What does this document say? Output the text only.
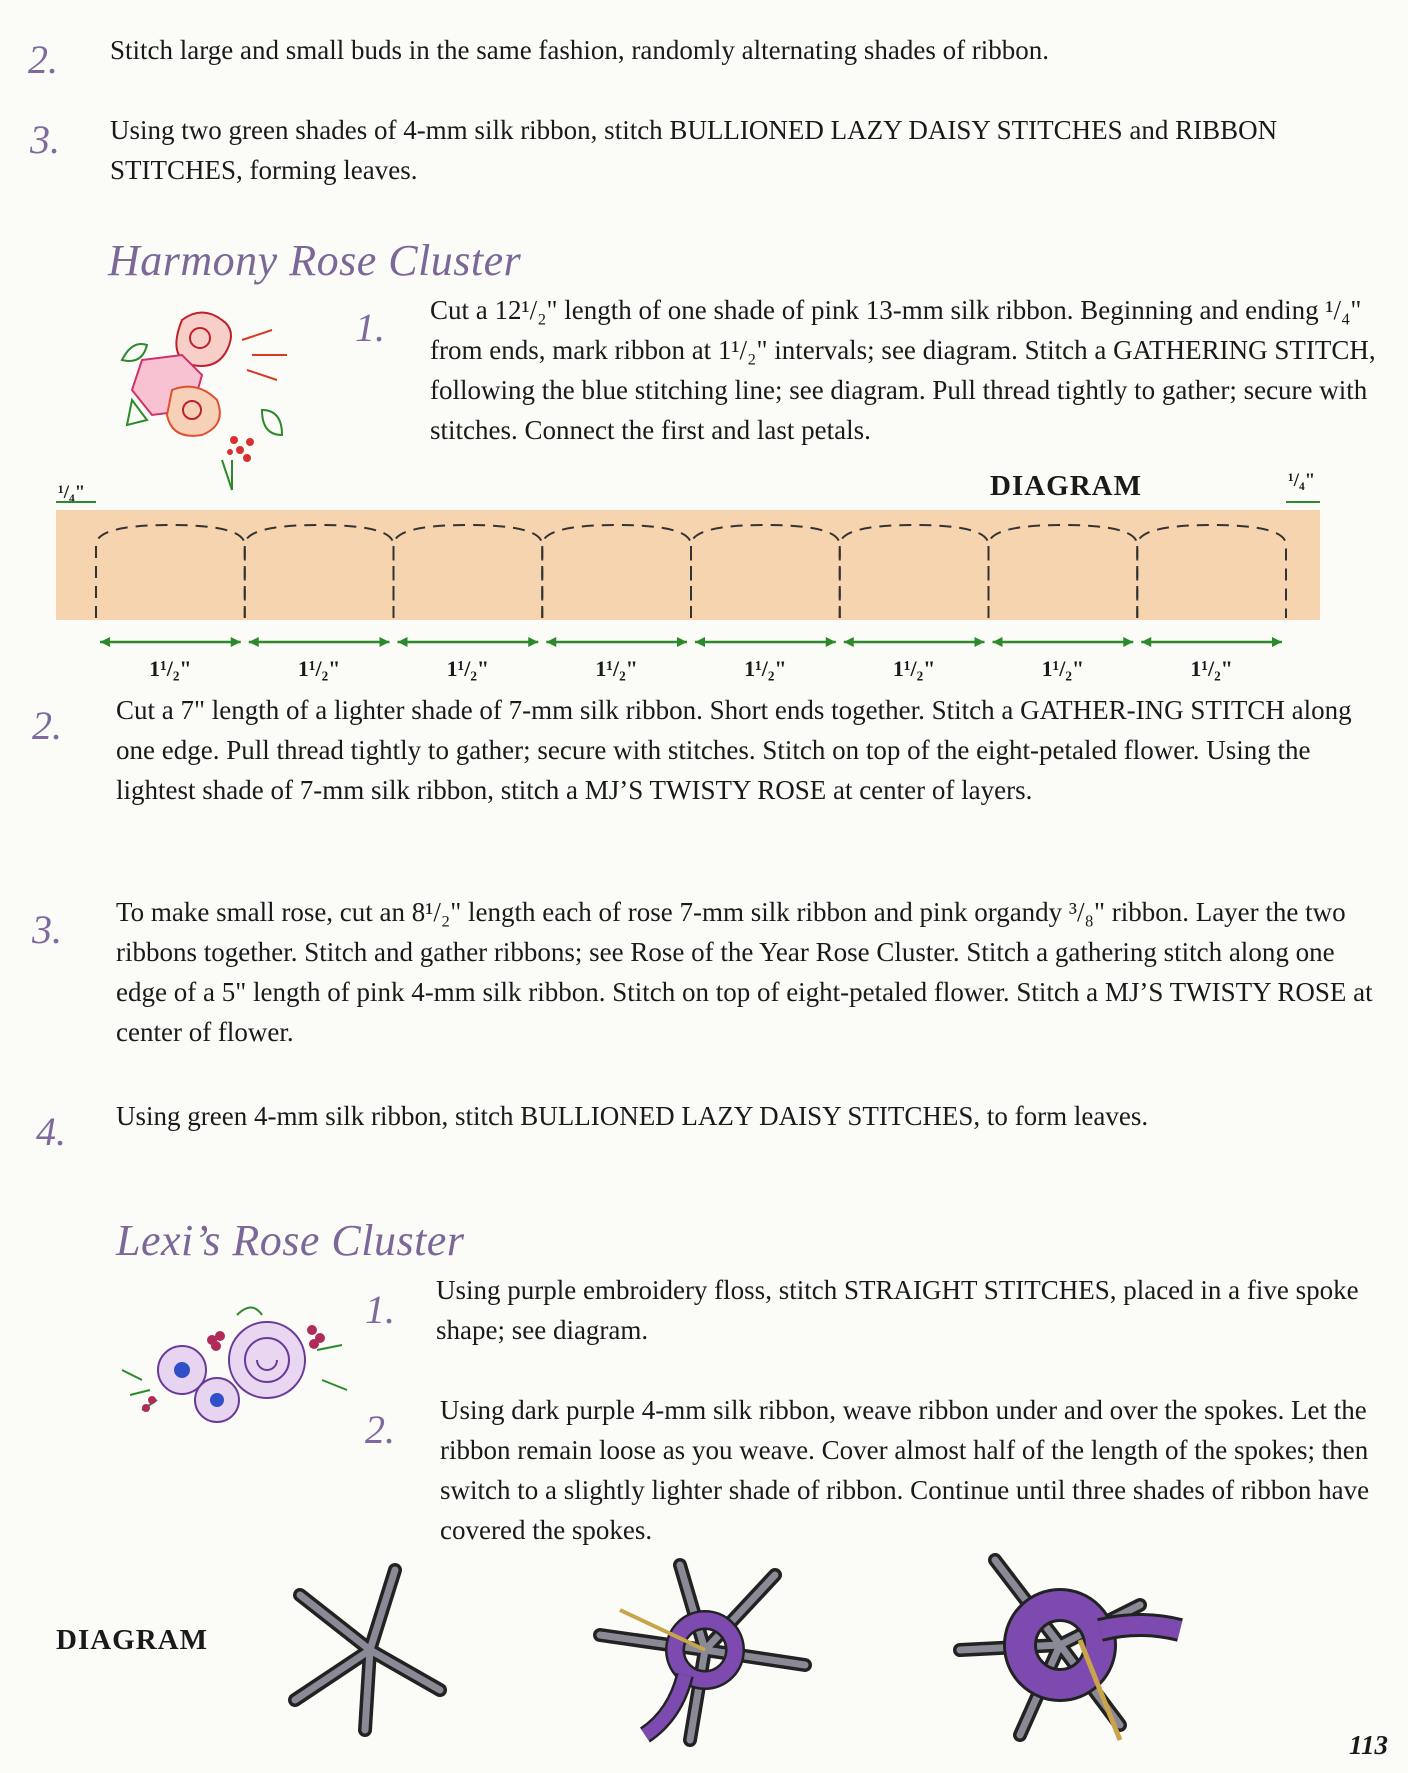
2. Stitch large and small buds in the same fashion, randomly alternating shades of ribbon.
3. Using two green shades of 4-mm silk ribbon, stitch BULLIONED LAZY DAISY STITCHES and RIBBON STITCHES, forming leaves.
Harmony Rose Cluster
1. Cut a 12¹/₂" length of one shade of pink 13-mm silk ribbon. Beginning and ending ¹/₄" from ends, mark ribbon at 1¹/₂" intervals; see diagram. Stitch a GATHERING STITCH, following the blue stitching line; see diagram. Pull thread tightly to gather; secure with stitches. Connect the first and last petals.
DIAGRAM
¹/₄"
¹/₄"
1¹/₂"	1¹/₂"	1¹/₂"	1¹/₂"	1¹/₂"	1¹/₂"	1¹/₂"	1¹/₂"
2. Cut a 7" length of a lighter shade of 7-mm silk ribbon. Short ends together. Stitch a GATHER-ING STITCH along one edge. Pull thread tightly to gather; secure with stitches. Stitch on top of the eight-petaled flower. Using the lightest shade of 7-mm silk ribbon, stitch a MJ’S TWISTY ROSE at center of layers.
3. To make small rose, cut an 8¹/₂" length each of rose 7-mm silk ribbon and pink organdy ³/₈" ribbon. Layer the two ribbons together. Stitch and gather ribbons; see Rose of the Year Rose Cluster. Stitch a gathering stitch along one edge of a 5" length of pink 4-mm silk ribbon. Stitch on top of eight-petaled flower. Stitch a MJ’S TWISTY ROSE at center of flower.
4. Using green 4-mm silk ribbon, stitch BULLIONED LAZY DAISY STITCHES, to form leaves.
Lexi’s Rose Cluster
1. Using purple embroidery floss, stitch STRAIGHT STITCHES, placed in a five spoke shape; see diagram.
2. Using dark purple 4-mm silk ribbon, weave ribbon under and over the spokes. Let the ribbon remain loose as you weave. Cover almost half of the length of the spokes; then switch to a slightly lighter shade of ribbon. Continue until three shades of ribbon have covered the spokes.
DIAGRAM
113
